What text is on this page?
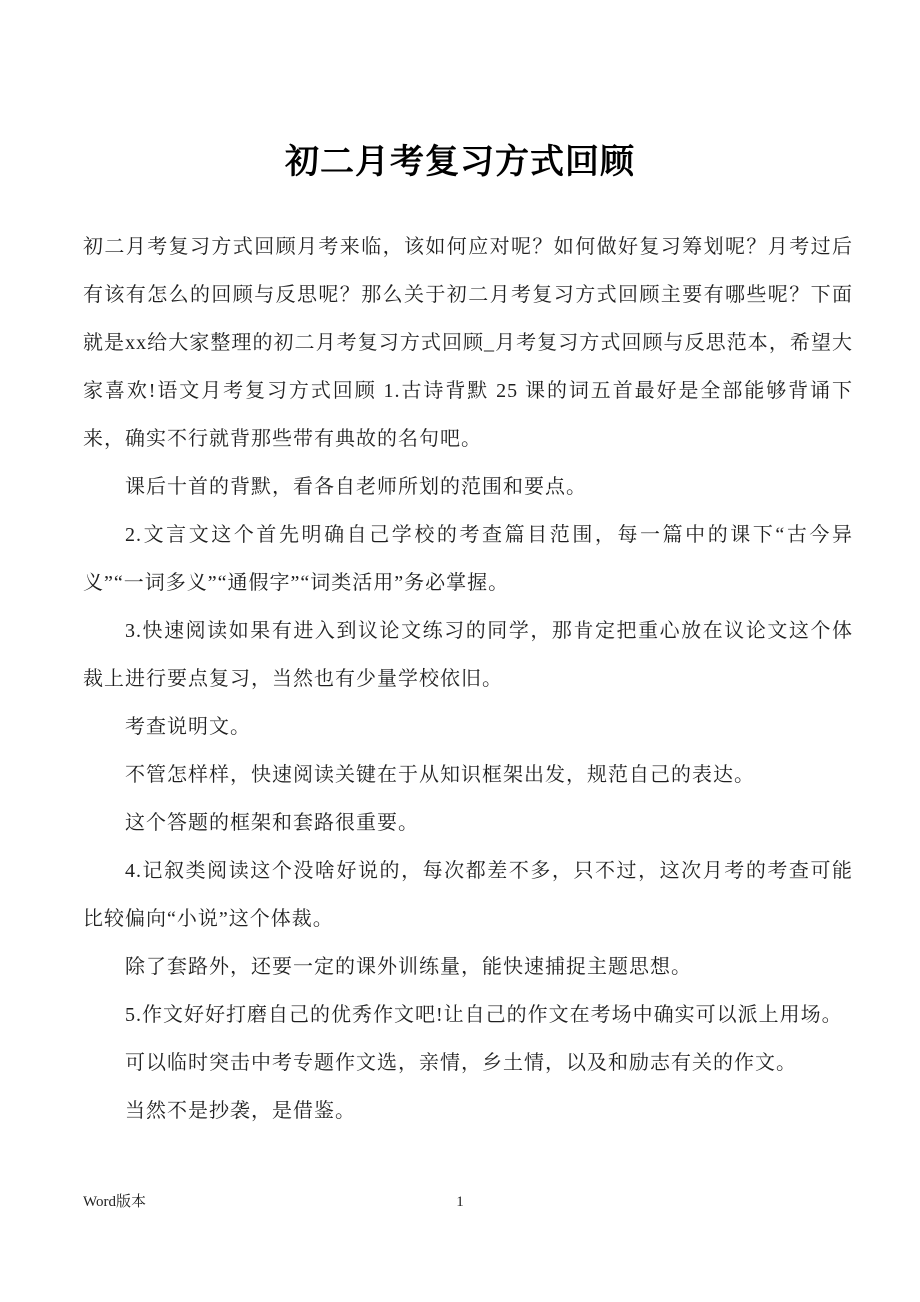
初二月考复习方式回顾

初二月考复习方式回顾月考来临，该如何应对呢？如何做好复习筹划呢？月考过后有该有怎么的回顾与反思呢？那么关于初二月考复习方式回顾主要有哪些呢？下面就是xx给大家整理的初二月考复习方式回顾_月考复习方式回顾与反思范本，希望大家喜欢!语文月考复习方式回顾 1.古诗背默 25 课的词五首最好是全部能够背诵下来，确实不行就背那些带有典故的名句吧。

课后十首的背默，看各自老师所划的范围和要点。

2.文言文这个首先明确自己学校的考查篇目范围，每一篇中的课下“古今异义”“一词多义”“通假字”“词类活用”务必掌握。

3.快速阅读如果有进入到议论文练习的同学，那肯定把重心放在议论文这个体裁上进行要点复习，当然也有少量学校依旧。

考查说明文。

不管怎样样，快速阅读关键在于从知识框架出发，规范自己的表达。

这个答题的框架和套路很重要。

4.记叙类阅读这个没啥好说的，每次都差不多，只不过，这次月考的考查可能比较偏向“小说”这个体裁。

除了套路外，还要一定的课外训练量，能快速捕捉主题思想。

5.作文好好打磨自己的优秀作文吧!让自己的作文在考场中确实可以派上用场。

可以临时突击中考专题作文选，亲情，乡土情，以及和励志有关的作文。

当然不是抄袭，是借鉴。

Word版本	1
